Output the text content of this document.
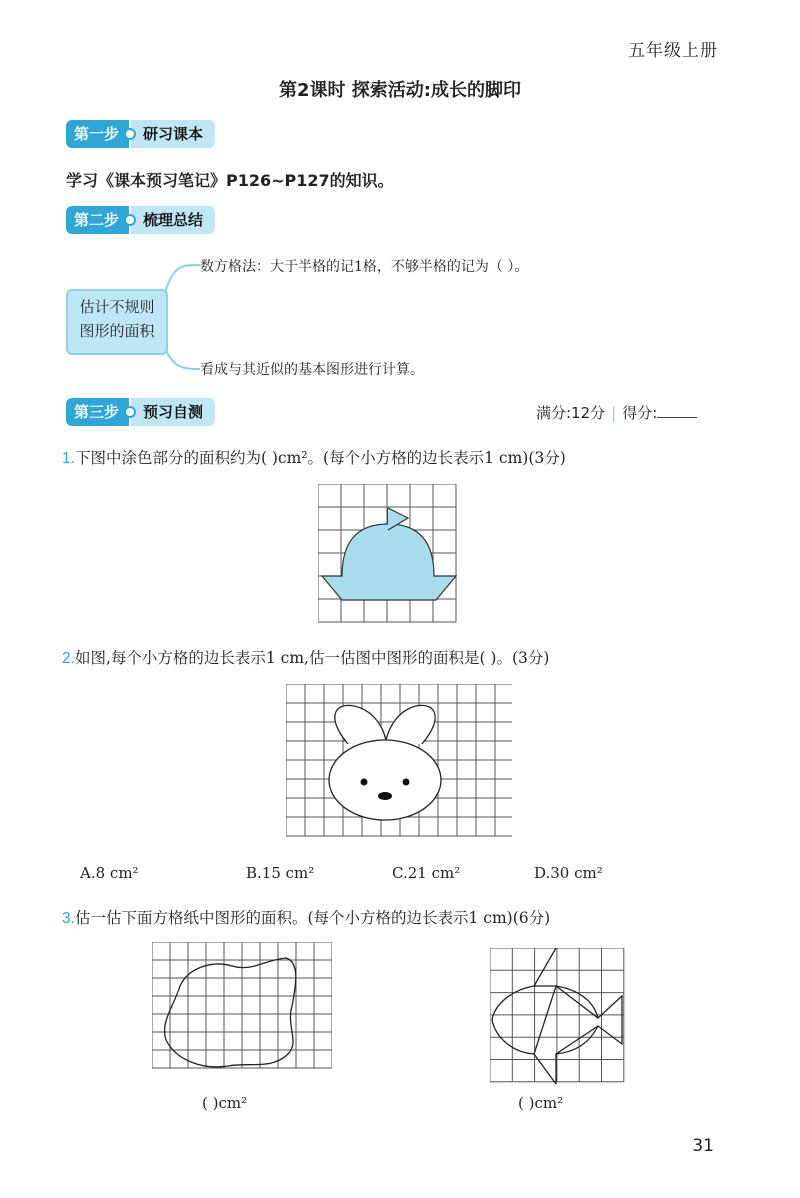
五年级上册
第2课时 探索活动:成长的脚印
第一步	研习课本
学习《课本预习笔记》P126~P127的知识。
第二步	梳理总结
估计不规则
图形的面积
数方格法：大于半格的记1格，不够半格的记为（ ）。
看成与其近似的基本图形进行计算。
第三步	预习自测	满分:12分 | 得分:
1.下图中涂色部分的面积约为( )cm²。(每个小方格的边长表示1 cm)(3分)
2.如图,每个小方格的边长表示1 cm,估一估图中图形的面积是( )。(3分)
A.8 cm²	B.15 cm²	C.21 cm²	D.30 cm²
3.估一估下面方格纸中图形的面积。(每个小方格的边长表示1 cm)(6分)
( )cm²	( )cm²
31
